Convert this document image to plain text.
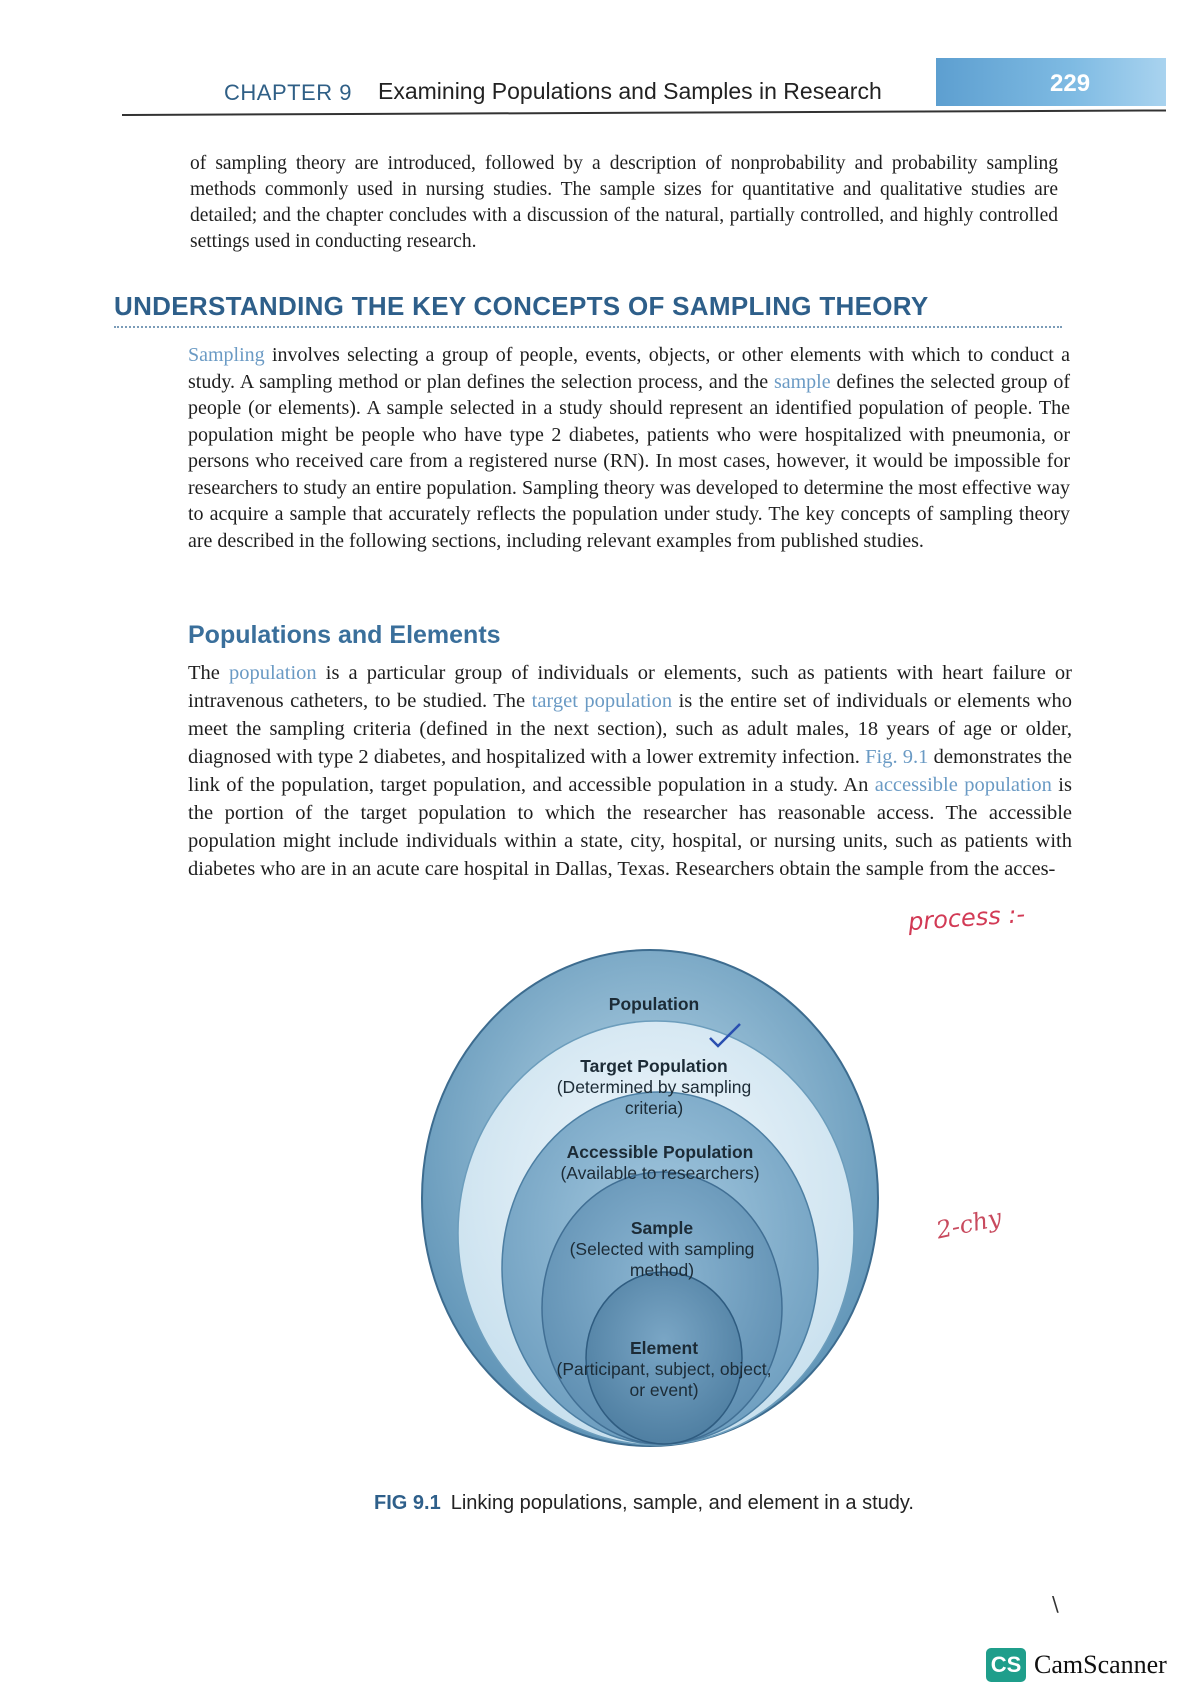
229
CHAPTER 9 Examining Populations and Samples in Research

of sampling theory are introduced, followed by a description of nonprobability and probability sampling methods commonly used in nursing studies. The sample sizes for quantitative and qualitative studies are detailed; and the chapter concludes with a discussion of the natural, partially controlled, and highly controlled settings used in conducting research.

UNDERSTANDING THE KEY CONCEPTS OF SAMPLING THEORY

Sampling involves selecting a group of people, events, objects, or other elements with which to conduct a study. A sampling method or plan defines the selection process, and the sample defines the selected group of people (or elements). A sample selected in a study should represent an identified population of people. The population might be people who have type 2 diabetes, patients who were hospitalized with pneumonia, or persons who received care from a registered nurse (RN). In most cases, however, it would be impossible for researchers to study an entire population. Sampling theory was developed to determine the most effective way to acquire a sample that accurately reflects the population under study. The key concepts of sampling theory are described in the following sections, including relevant examples from published studies.

Populations and Elements

The population is a particular group of individuals or elements, such as patients with heart failure or intravenous catheters, to be studied. The target population is the entire set of individuals or elements who meet the sampling criteria (defined in the next section), such as adult males, 18 years of age or older, diagnosed with type 2 diabetes, and hospitalized with a lower extremity infection. Fig. 9.1 demonstrates the link of the population, target population, and accessible population in a study. An accessible population is the portion of the target population to which the researcher has reasonable access. The accessible population might include individuals within a state, city, hospital, or nursing units, such as patients with diabetes who are in an acute care hospital in Dallas, Texas. Researchers obtain the sample from the acces-

process :-
2-chy
Population
Target Population
(Determined by sampling criteria)
Accessible Population
(Available to researchers)
Sample
(Selected with sampling method)
Element
(Participant, subject, object, or event)
FIG 9.1 Linking populations, sample, and element in a study.
\
CS CamScanner
